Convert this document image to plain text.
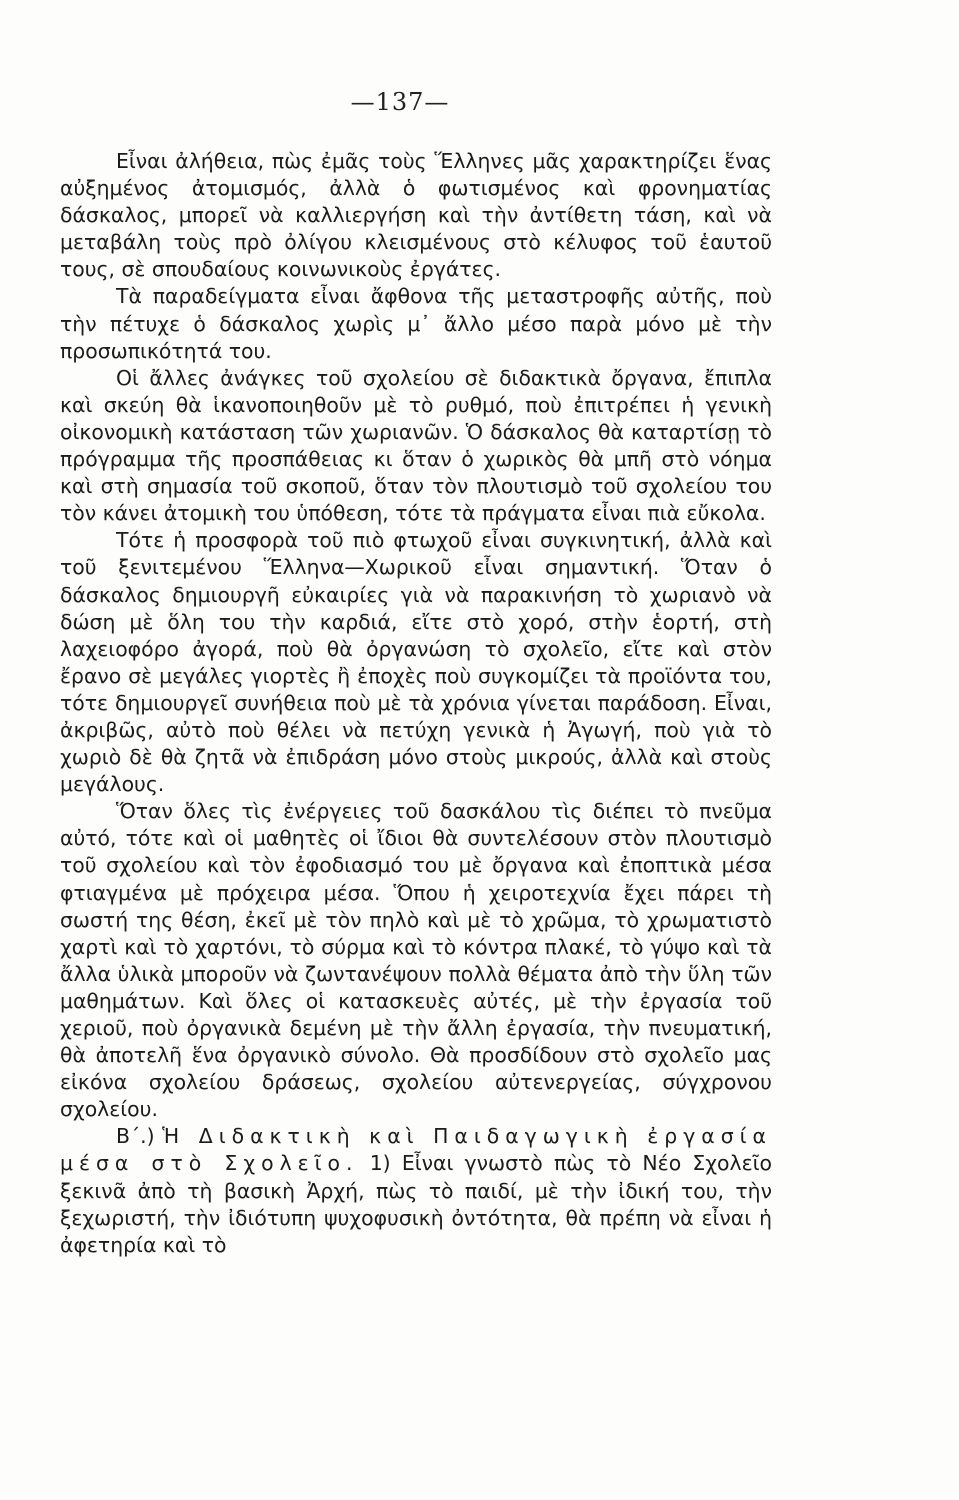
—137—

Εἶναι ἀλήθεια, πὼς ἐμᾶς τοὺς Ἕλληνες μᾶς χαρακτηρίζει ἕνας αὐξημένος ἀτομισμός, ἀλλὰ ὁ φωτισμένος καὶ φρονηματίας δάσκαλος, μπορεῖ νὰ καλλιεργήση καὶ τὴν ἀντίθετη τάση, καὶ νὰ μεταβάλη τοὺς πρὸ ὀλίγου κλεισμένους στὸ κέλυφος τοῦ ἑαυτοῦ τους, σὲ σπουδαίους κοινωνικοὺς ἐργάτες.

Τὰ παραδείγματα εἶναι ἄφθονα τῆς μεταστροφῆς αὐτῆς, ποὺ τὴν πέτυχε ὁ δάσκαλος χωρὶς μ᾽ ἄλλο μέσο παρὰ μόνο μὲ τὴν προσωπικότητά του.

Οἱ ἄλλες ἀνάγκες τοῦ σχολείου σὲ διδακτικὰ ὄργανα, ἔπιπλα καὶ σκεύη θὰ ἱκανοποιηθοῦν μὲ τὸ ρυθμό, ποὺ ἐπιτρέπει ἡ γενικὴ οἰκονομικὴ κατάσταση τῶν χωριανῶν. Ὁ δάσκαλος θὰ καταρτίσῃ τὸ πρόγραμμα τῆς προσπάθειας κι ὅταν ὁ χωρικὸς θὰ μπῆ στὸ νόημα καὶ στὴ σημασία τοῦ σκοποῦ, ὅταν τὸν πλουτισμὸ τοῦ σχολείου του τὸν κάνει ἀτομικὴ του ὑπόθεση, τότε τὰ πράγματα εἶναι πιὰ εὔκολα.

Τότε ἡ προσφορὰ τοῦ πιὸ φτωχοῦ εἶναι συγκινητική, ἀλλὰ καὶ τοῦ ξενιτεμένου Ἕλληνα—Χωρικοῦ εἶναι σημαντική. Ὅταν ὁ δάσκαλος δημιουργῆ εὐκαιρίες γιὰ νὰ παρακινήση τὸ χωριανὸ νὰ δώση μὲ ὅλη του τὴν καρδιά, εἴτε στὸ χορό, στὴν ἑορτή, στὴ λαχειοφόρο ἀγορά, ποὺ θὰ ὀργανώση τὸ σχολεῖο, εἴτε καὶ στὸν ἔρανο σὲ μεγάλες γιορτὲς ἢ ἐποχὲς ποὺ συγκομίζει τὰ προϊόντα του, τότε δημιουργεῖ συνήθεια ποὺ μὲ τὰ χρόνια γίνεται παράδοση. Εἶναι, ἀκριβῶς, αὐτὸ ποὺ θέλει νὰ πετύχη γενικὰ ἡ Ἀγωγή, ποὺ γιὰ τὸ χωριὸ δὲ θὰ ζητᾶ νὰ ἐπιδράση μόνο στοὺς μικρούς, ἀλλὰ καὶ στοὺς μεγάλους.

Ὅταν ὅλες τὶς ἐνέργειες τοῦ δασκάλου τὶς διέπει τὸ πνεῦμα αὐτό, τότε καὶ οἱ μαθητὲς οἱ ἴδιοι θὰ συντελέσουν στὸν πλουτισμὸ τοῦ σχολείου καὶ τὸν ἐφοδιασμό του μὲ ὄργανα καὶ ἐποπτικὰ μέσα φτιαγμένα μὲ πρόχειρα μέσα. Ὅπου ἡ χειροτεχνία ἔχει πάρει τὴ σωστή της θέση, ἐκεῖ μὲ τὸν πηλὸ καὶ μὲ τὸ χρῶμα, τὸ χρωματιστὸ χαρτὶ καὶ τὸ χαρτόνι, τὸ σύρμα καὶ τὸ κόντρα πλακέ, τὸ γύψο καὶ τὰ ἄλλα ὑλικὰ μποροῦν νὰ ζωντανέψουν πολλὰ θέματα ἀπὸ τὴν ὕλη τῶν μαθημάτων. Καὶ ὅλες οἱ κατασκευὲς αὐτές, μὲ τὴν ἐργασία τοῦ χεριοῦ, ποὺ ὀργανικὰ δεμένη μὲ τὴν ἄλλη ἐργασία, τὴν πνευματική, θὰ ἀποτελῆ ἕνα ὀργανικὸ σύνολο. Θὰ προσδίδουν στὸ σχολεῖο μας εἰκόνα σχολείου δράσεως, σχολείου αὐτενεργείας, σύγχρονου σχολείου.

Β΄.) Ἡ Διδακτικὴ καὶ Παιδαγωγικὴ ἐργασία μέσα στὸ Σχολεῖο. 1) Εἶναι γνωστὸ πὼς τὸ Νέο Σχολεῖο ξεκινᾶ ἀπὸ τὴ βασικὴ Ἀρχή, πὼς τὸ παιδί, μὲ τὴν ἰδική του, τὴν ξεχωριστή, τὴν ἰδιότυπη ψυχοφυσικὴ ὀντότητα, θὰ πρέπη νὰ εἶναι ἡ ἀφετηρία καὶ τὸ
